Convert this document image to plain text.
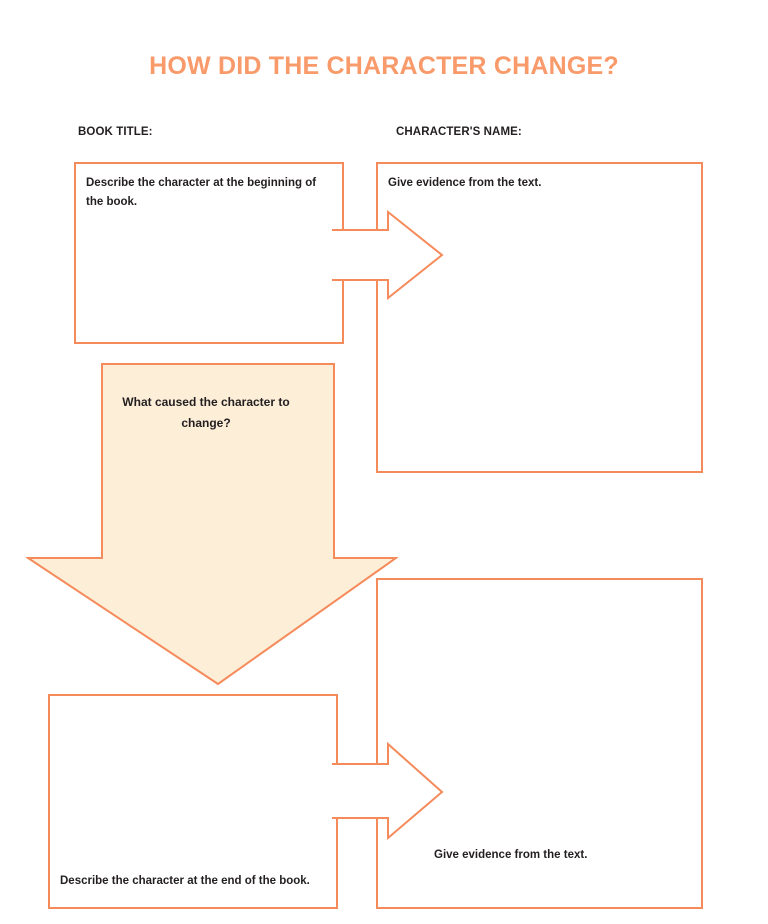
HOW DID THE CHARACTER CHANGE?
BOOK TITLE:	CHARACTER'S NAME:
Describe the character at the beginning of the book.
Give evidence from the text.
What caused the character to change?
Describe the character at the end of the book.
Give evidence from the text.
